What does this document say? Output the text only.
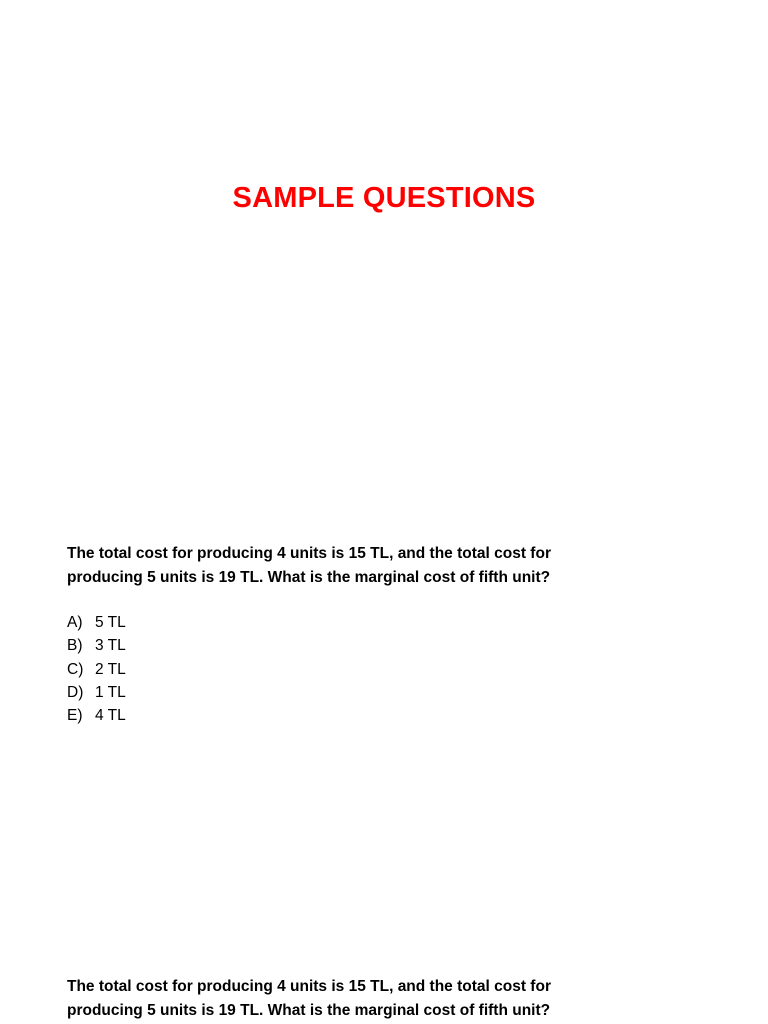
SAMPLE QUESTIONS

The total cost for producing 4 units is 15 TL, and the total cost for producing 5 units is 19 TL. What is the marginal cost of fifth unit?

A) 5 TL
B) 3 TL
C) 2 TL
D) 1 TL
E) 4 TL

The total cost for producing 4 units is 15 TL, and the total cost for producing 5 units is 19 TL. What is the marginal cost of fifth unit?
